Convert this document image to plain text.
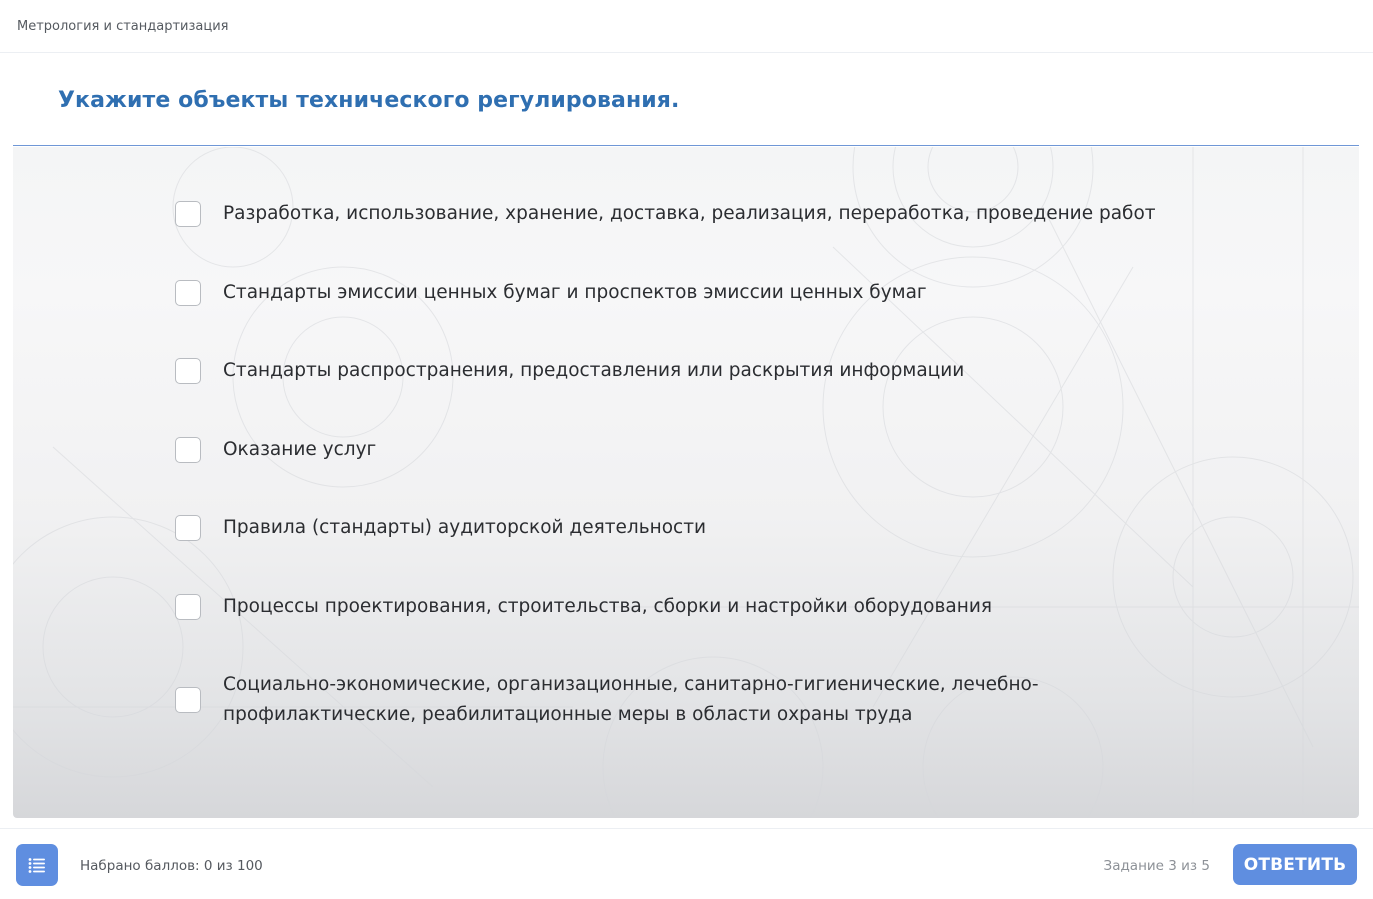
Метрология и стандартизация
Укажите объекты технического регулирования.
Разработка, использование, хранение, доставка, реализация, переработка, проведение работ
Стандарты эмиссии ценных бумаг и проспектов эмиссии ценных бумаг
Стандарты распространения, предоставления или раскрытия информации
Оказание услуг
Правила (стандарты) аудиторской деятельности
Процессы проектирования, строительства, сборки и настройки оборудования
Социально-экономические, организационные, санитарно-гигиенические, лечебно-профилактические, реабилитационные меры в области охраны труда
Набрано баллов: 0 из 100	Задание 3 из 5	ОТВЕТИТЬ
